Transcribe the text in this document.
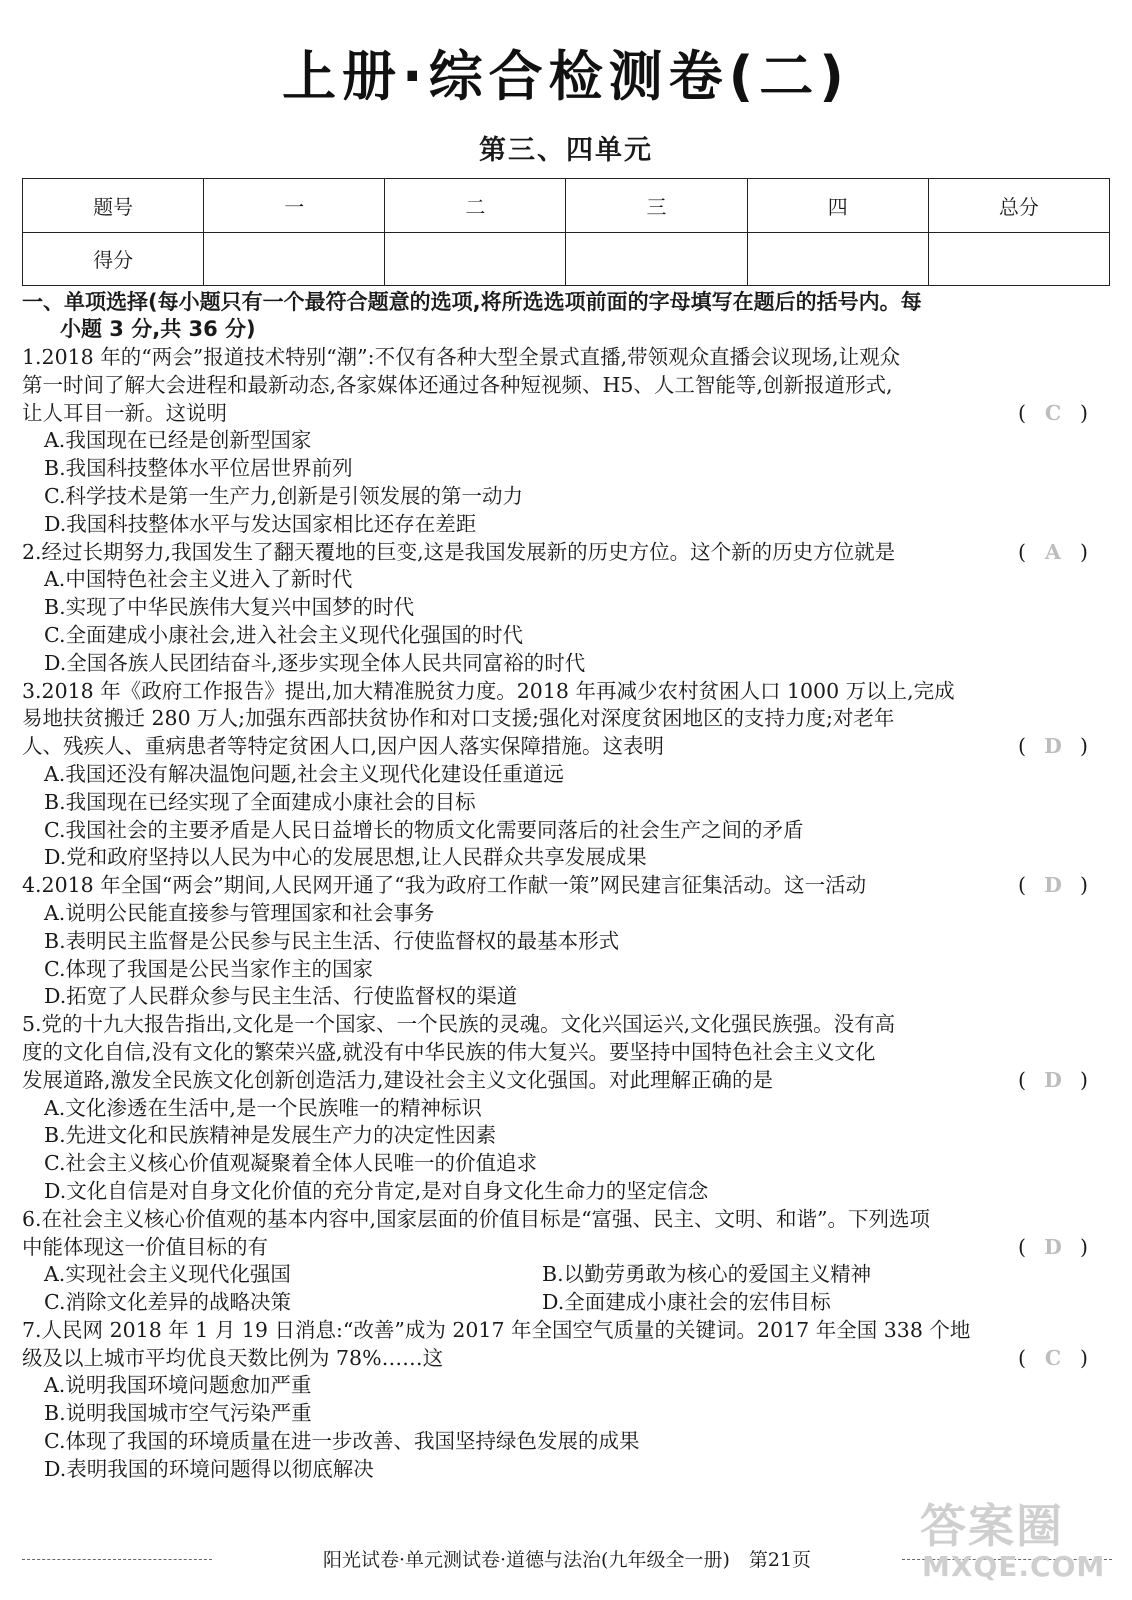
上册·综合检测卷(二)
第三、四单元
题号	一	二	三	四	总分
得分					
一、单项选择(每小题只有一个最符合题意的选项,将所选选项前面的字母填写在题后的括号内。每
小题 3 分,共 36 分)
1.2018 年的“两会”报道技术特别“潮”:不仅有各种大型全景式直播,带领观众直播会议现场,让观众
第一时间了解大会进程和最新动态,各家媒体还通过各种短视频、H5、人工智能等,创新报道形式,
让人耳目一新。这说明	( C )
A.我国现在已经是创新型国家
B.我国科技整体水平位居世界前列
C.科学技术是第一生产力,创新是引领发展的第一动力
D.我国科技整体水平与发达国家相比还存在差距
2.经过长期努力,我国发生了翻天覆地的巨变,这是我国发展新的历史方位。这个新的历史方位就是	( A )
A.中国特色社会主义进入了新时代
B.实现了中华民族伟大复兴中国梦的时代
C.全面建成小康社会,进入社会主义现代化强国的时代
D.全国各族人民团结奋斗,逐步实现全体人民共同富裕的时代
3.2018 年《政府工作报告》提出,加大精准脱贫力度。2018 年再减少农村贫困人口 1000 万以上,完成
易地扶贫搬迁 280 万人;加强东西部扶贫协作和对口支援;强化对深度贫困地区的支持力度;对老年
人、残疾人、重病患者等特定贫困人口,因户因人落实保障措施。这表明	( D )
A.我国还没有解决温饱问题,社会主义现代化建设任重道远
B.我国现在已经实现了全面建成小康社会的目标
C.我国社会的主要矛盾是人民日益增长的物质文化需要同落后的社会生产之间的矛盾
D.党和政府坚持以人民为中心的发展思想,让人民群众共享发展成果
4.2018 年全国“两会”期间,人民网开通了“我为政府工作献一策”网民建言征集活动。这一活动	( D )
A.说明公民能直接参与管理国家和社会事务
B.表明民主监督是公民参与民主生活、行使监督权的最基本形式
C.体现了我国是公民当家作主的国家
D.拓宽了人民群众参与民主生活、行使监督权的渠道
5.党的十九大报告指出,文化是一个国家、一个民族的灵魂。文化兴国运兴,文化强民族强。没有高
度的文化自信,没有文化的繁荣兴盛,就没有中华民族的伟大复兴。要坚持中国特色社会主义文化
发展道路,激发全民族文化创新创造活力,建设社会主义文化强国。对此理解正确的是	( D )
A.文化渗透在生活中,是一个民族唯一的精神标识
B.先进文化和民族精神是发展生产力的决定性因素
C.社会主义核心价值观凝聚着全体人民唯一的价值追求
D.文化自信是对自身文化价值的充分肯定,是对自身文化生命力的坚定信念
6.在社会主义核心价值观的基本内容中,国家层面的价值目标是“富强、民主、文明、和谐”。下列选项
中能体现这一价值目标的有	( D )
A.实现社会主义现代化强国	B.以勤劳勇敢为核心的爱国主义精神
C.消除文化差异的战略决策	D.全面建成小康社会的宏伟目标
7.人民网 2018 年 1 月 19 日消息:“改善”成为 2017 年全国空气质量的关键词。2017 年全国 338 个地
级及以上城市平均优良天数比例为 78%……这	( C )
A.说明我国环境问题愈加严重
B.说明我国城市空气污染严重
C.体现了我国的环境质量在进一步改善、我国坚持绿色发展的成果
D.表明我国的环境问题得以彻底解决
阳光试卷·单元测试卷·道德与法治(九年级全一册)　第21页
答案圈
MXQE.COM
